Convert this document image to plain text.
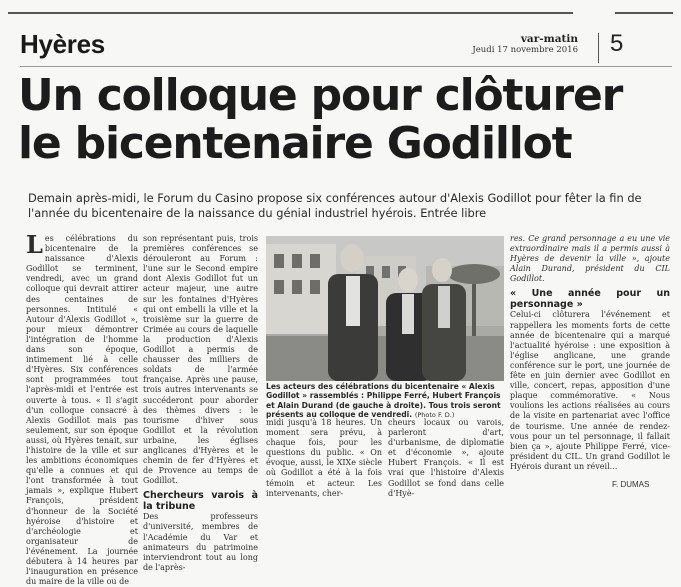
Hyères	var-matin
Jeudi 17 novembre 2016 5
Un colloque pour clôturer
le bicentenaire Godillot

Demain après-midi, le Forum du Casino propose six conférences autour d'Alexis Godillot pour fêter la fin de l'année du bicentenaire de la naissance du génial industriel hyérois. Entrée libre

L es célébrations du bicentenaire de la naissance d'Alexis Godillot se terminent, vendredi, avec un grand colloque qui devrait attirer des centaines de personnes. Intitulé « Autour d'Alexis Godillot », pour mieux démontrer l'intégration de l'homme dans son époque, intimement lié à celle d'Hyères. Six conférences sont programmées tout l'après-midi et l'entrée est ouverte à tous. « Il s'agit d'un colloque consacré à Alexis Godillot mais pas seulement, sur son époque aussi, où Hyères tenait, sur l'histoire de la ville et sur les ambitions économiques qu'elle a connues et qui l'ont transformée à tout jamais », explique Hubert François, président d'honneur de la Société hyéroise d'histoire et d'archéologie et organisateur de l'événement. La journée débutera à 14 heures par l'inauguration en présence du maire de la ville ou de

son représentant puis, trois premières conférences se dérouleront au Forum : l'une sur le Second empire dont Alexis Godillot fut un acteur majeur, une autre sur les fontaines d'Hyères qui ont embelli la ville et la troisième sur la guerre de Crimée au cours de laquelle la production d'Alexis Godillot a permis de chausser des milliers de soldats de l'armée française. Après une pause, trois autres intervenants se succéderont pour aborder des thèmes divers : le tourisme d'hiver sous Godillot et la révolution urbaine, les églises anglicanes d'Hyères et le chemin de fer d'Hyères et de Provence au temps de Godillot.

Chercheurs varois à la tribune

Des professeurs d'université, membres de l'Académie du Var et animateurs du patrimoine interviendront tout au long de l'après-

Les acteurs des célébrations du bicentenaire « Alexis Godillot » rassemblés : Philippe Ferré, Hubert François et Alain Durand (de gauche à droite). Tous trois seront présents au colloque de vendredi. (Photo F. D.)

midi jusqu'à 18 heures. Un moment sera prévu, à chaque fois, pour les questions du public. « On évoque, aussi, le XIXe siècle où Godillot a été à la fois témoin et acteur. Les intervenants, cher-

cheurs locaux ou varois, parleront d'art, d'urbanisme, de diplomatie et d'économie », ajoute Hubert François. « Il est vrai que l'histoire d'Alexis Godillot se fond dans celle d'Hyè-

res. Ce grand personnage a eu une vie extraordinaire mais il a permis aussi à Hyères de devenir la ville », ajoute Alain Durand, président du CIL Godillot.

« Une année pour un personnage »

Celui-ci clôturera l'événement et rappellera les moments forts de cette année de bicentenaire qui a marqué l'actualité hyéroise : une exposition à l'église anglicane, une grande conférence sur le port, une journée de fête en juin dernier avec Godillot en ville, concert, repas, apposition d'une plaque commémorative. « Nous voulions les actions réalisées au cours de la visite en partenariat avec l'office de tourisme. Une année de rendez-vous pour un tel personnage, il fallait bien ça », ajoute Philippe Ferré, vice-président du CIL. Un grand Godillot le Hyérois durant un réveil...

F. DUMAS
